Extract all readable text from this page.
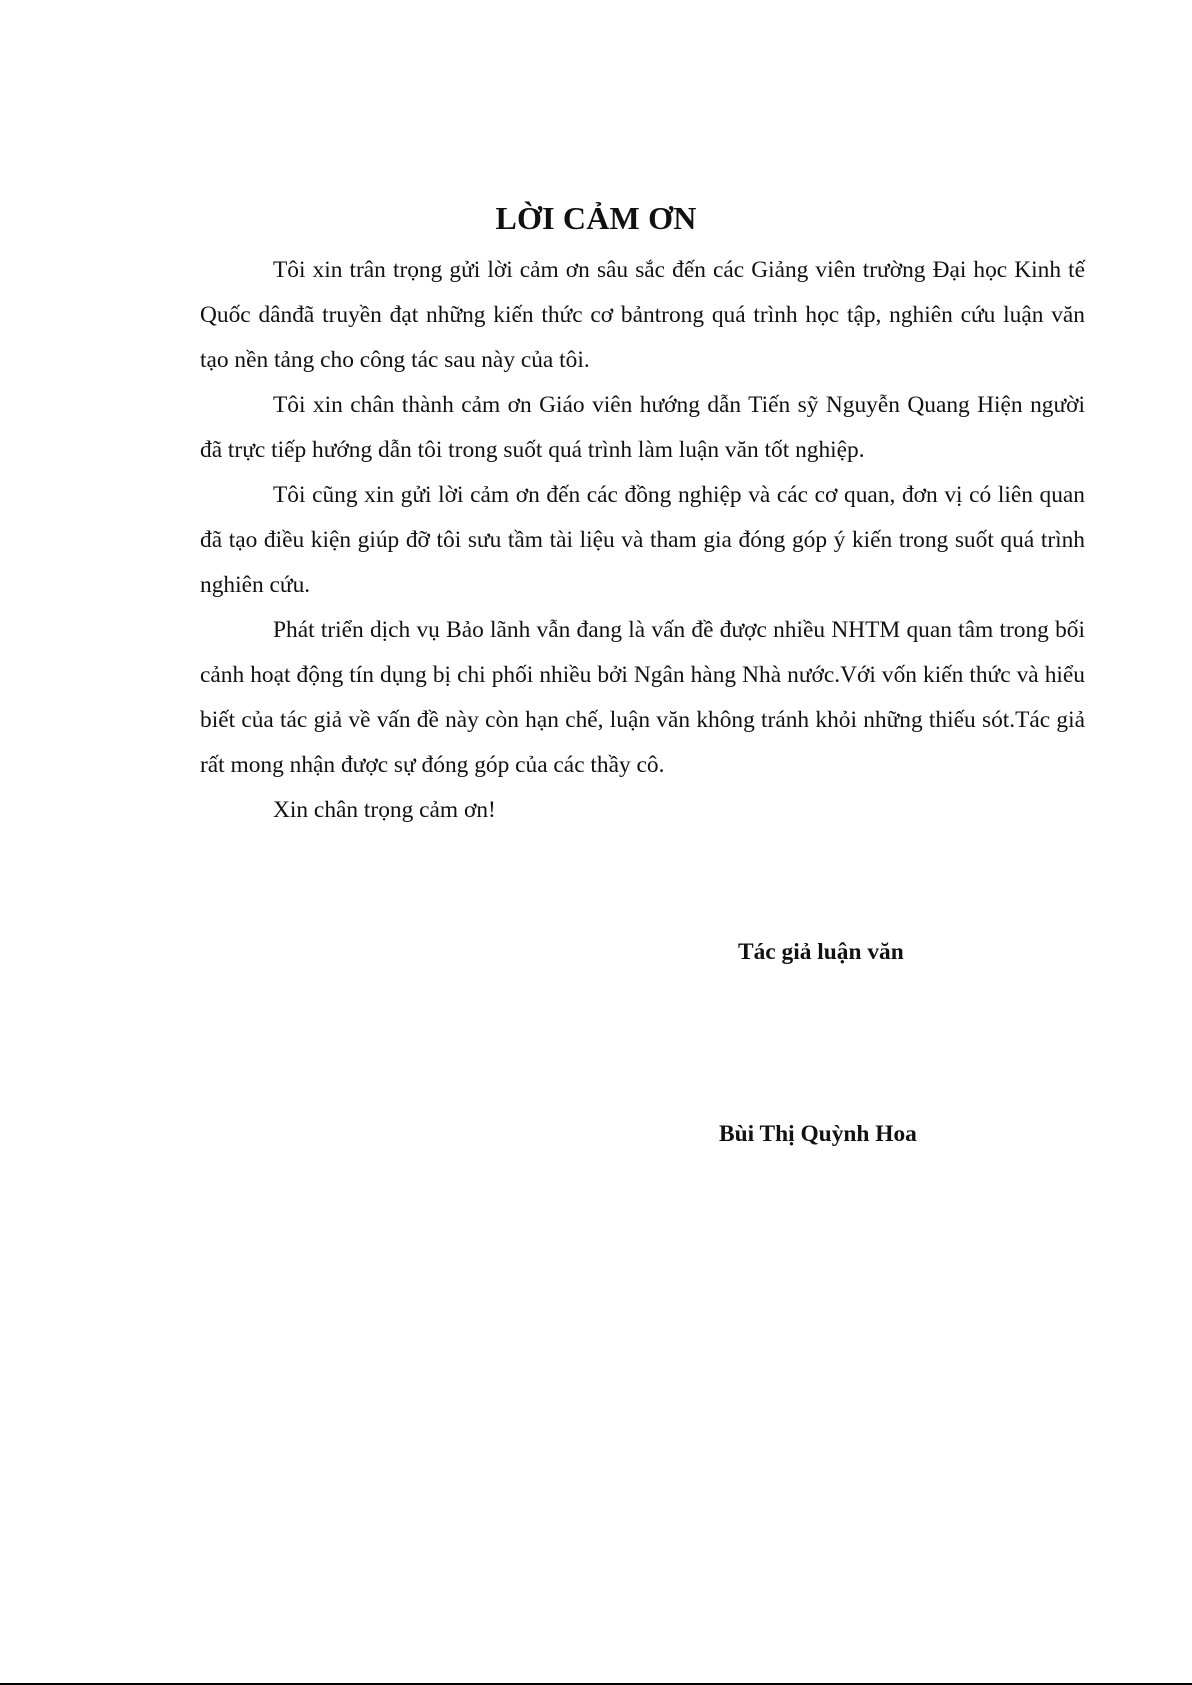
LỜI CẢM ƠN

Tôi xin trân trọng gửi lời cảm ơn sâu sắc đến các Giảng viên trường Đại học Kinh tế Quốc dânđã truyền đạt những kiến thức cơ bảntrong quá trình học tập, nghiên cứu luận văn tạo nền tảng cho công tác sau này của tôi.

Tôi xin chân thành cảm ơn Giáo viên hướng dẫn Tiến sỹ Nguyễn Quang Hiện người đã trực tiếp hướng dẫn tôi trong suốt quá trình làm luận văn tốt nghiệp.

Tôi cũng xin gửi lời cảm ơn đến các đồng nghiệp và các cơ quan, đơn vị có liên quan đã tạo điều kiện giúp đỡ tôi sưu tầm tài liệu và tham gia đóng góp ý kiến trong suốt quá trình nghiên cứu.

Phát triển dịch vụ Bảo lãnh vẫn đang là vấn đề được nhiều NHTM quan tâm trong bối cảnh hoạt động tín dụng bị chi phối nhiều bởi Ngân hàng Nhà nước.Với vốn kiến thức và hiểu biết của tác giả về vấn đề này còn hạn chế, luận văn không tránh khỏi những thiếu sót.Tác giả rất mong nhận được sự đóng góp của các thầy cô.

Xin chân trọng cảm ơn!

Tác giả luận văn
Bùi Thị Quỳnh Hoa
